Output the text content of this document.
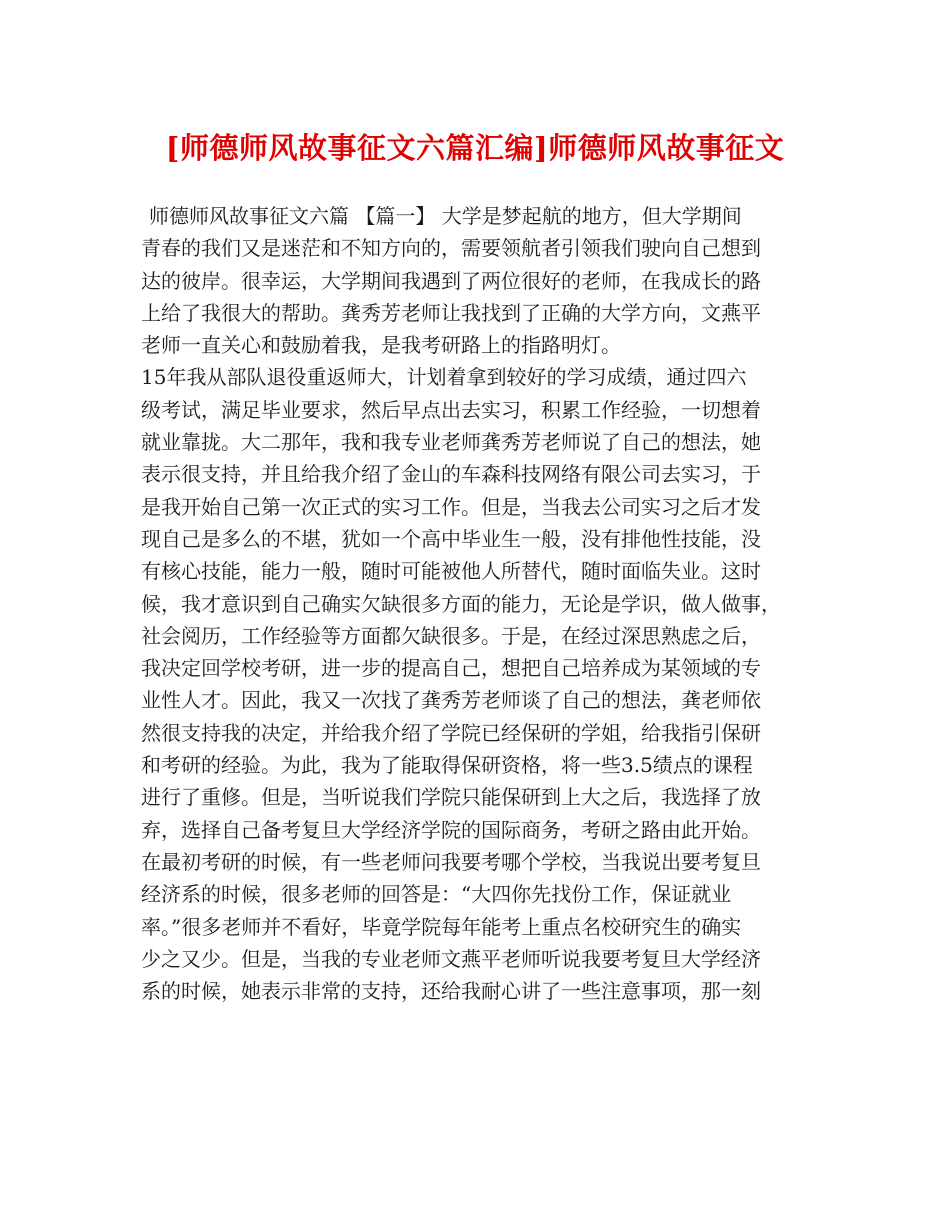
[师德师风故事征文六篇汇编]师德师风故事征文
师德师风故事征文六篇 【篇一】 大学是梦起航的地方，但大学期间
青春的我们又是迷茫和不知方向的，需要领航者引领我们驶向自己想到
达的彼岸。很幸运，大学期间我遇到了两位很好的老师，在我成长的路
上给了我很大的帮助。龚秀芳老师让我找到了正确的大学方向，文燕平
老师一直关心和鼓励着我，是我考研路上的指路明灯。
15年我从部队退役重返师大，计划着拿到较好的学习成绩，通过四六
级考试，满足毕业要求，然后早点出去实习，积累工作经验，一切想着
就业靠拢。大二那年，我和我专业老师龚秀芳老师说了自己的想法，她
表示很支持，并且给我介绍了金山的车森科技网络有限公司去实习，于
是我开始自己第一次正式的实习工作。但是，当我去公司实习之后才发
现自己是多么的不堪，犹如一个高中毕业生一般，没有排他性技能，没
有核心技能，能力一般，随时可能被他人所替代，随时面临失业。这时
候，我才意识到自己确实欠缺很多方面的能力，无论是学识，做人做事，
社会阅历，工作经验等方面都欠缺很多。于是，在经过深思熟虑之后，
我决定回学校考研，进一步的提高自己，想把自己培养成为某领域的专
业性人才。因此，我又一次找了龚秀芳老师谈了自己的想法，龚老师依
然很支持我的决定，并给我介绍了学院已经保研的学姐，给我指引保研
和考研的经验。为此，我为了能取得保研资格，将一些3.5绩点的课程
进行了重修。但是，当听说我们学院只能保研到上大之后，我选择了放
弃，选择自己备考复旦大学经济学院的国际商务，考研之路由此开始。
在最初考研的时候，有一些老师问我要考哪个学校，当我说出要考复旦
经济系的时候，很多老师的回答是：“大四你先找份工作，保证就业
率。”很多老师并不看好，毕竟学院每年能考上重点名校研究生的确实
少之又少。但是，当我的专业老师文燕平老师听说我要考复旦大学经济
系的时候，她表示非常的支持，还给我耐心讲了一些注意事项，那一刻
